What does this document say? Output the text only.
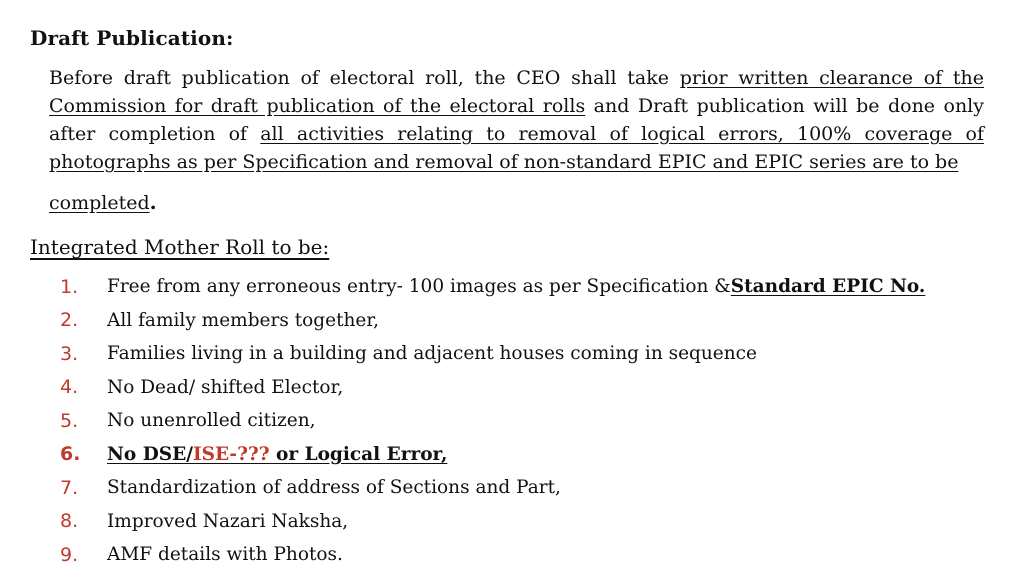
Draft Publication:
Before draft publication of electoral roll, the CEO shall take prior written clearance of the Commission for draft publication of the electoral rolls and Draft publication will be done only after completion of all activities relating to removal of logical errors, 100% coverage of photographs as per Specification and removal of non-standard EPIC and EPIC series are to be
completed.
Integrated Mother Roll to be:
1.	Free from any erroneous entry- 100 images as per Specification & Standard EPIC No.
2.	All family members together,
3.	Families living in a building and adjacent houses coming in sequence
4.	No Dead/ shifted Elector,
5.	No unenrolled citizen,
6.	No DSE/ISE-??? or Logical Error,
7.	Standardization of address of Sections and Part,
8.	Improved Nazari Naksha,
9.	AMF details with Photos.
